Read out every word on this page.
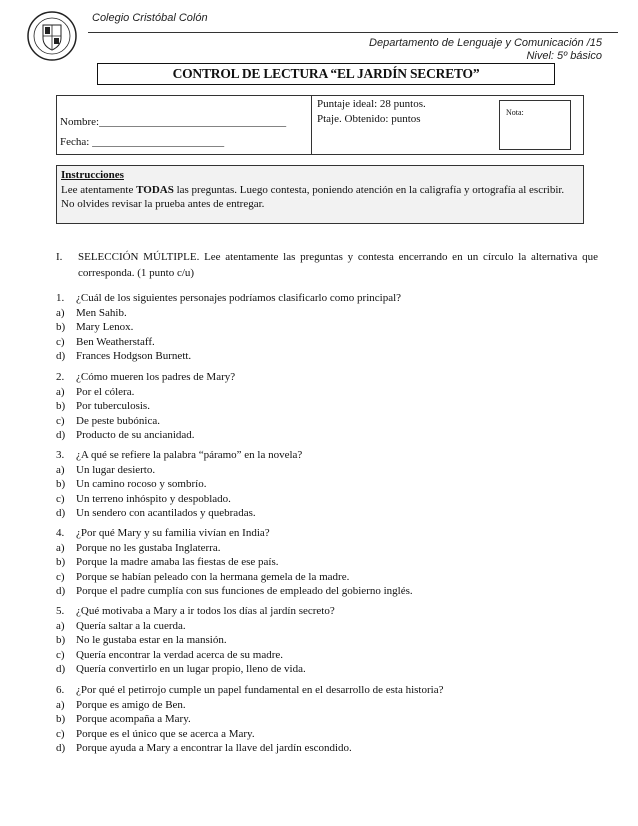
Colegio Cristóbal Colón
Departamento de Lenguaje y Comunicación /15
Nivel: 5º básico
CONTROL DE LECTURA “EL JARDÍN SECRETO”
Nombre:__________________________________
Fecha: ________________________
Puntaje ideal: 28 puntos.
Ptaje. Obtenido: puntos
Nota:
Instrucciones
Lee atentamente TODAS las preguntas. Luego contesta, poniendo atención en la caligrafía y ortografía al escribir.
No olvides revisar la prueba antes de entregar.
I. SELECCIÓN MÚLTIPLE. Lee atentamente las preguntas y contesta encerrando en un círculo la alternativa que corresponda. (1 punto c/u)
1. ¿Cuál de los siguientes personajes podríamos clasificarlo como principal?
a) Men Sahib.
b) Mary Lenox.
c) Ben Weatherstaff.
d) Frances Hodgson Burnett.
2. ¿Cómo mueren los padres de Mary?
a) Por el cólera.
b) Por tuberculosis.
c) De peste bubónica.
d) Producto de su ancianidad.
3. ¿A qué se refiere la palabra “páramo” en la novela?
a) Un lugar desierto.
b) Un camino rocoso y sombrío.
c) Un terreno inhóspito y despoblado.
d) Un sendero con acantilados y quebradas.
4. ¿Por qué Mary y su familia vivían en India?
a) Porque no les gustaba Inglaterra.
b) Porque la madre amaba las fiestas de ese país.
c) Porque se habían peleado con la hermana gemela de la madre.
d) Porque el padre cumplía con sus funciones de empleado del gobierno inglés.
5. ¿Qué motivaba a Mary a ir todos los días al jardín secreto?
a) Quería saltar a la cuerda.
b) No le gustaba estar en la mansión.
c) Quería encontrar la verdad acerca de su madre.
d) Quería convertirlo en un lugar propio, lleno de vida.
6. ¿Por qué el petirrojo cumple un papel fundamental en el desarrollo de esta historia?
a) Porque es amigo de Ben.
b) Porque acompaña a Mary.
c) Porque es el único que se acerca a Mary.
d) Porque ayuda a Mary a encontrar la llave del jardín escondido.
